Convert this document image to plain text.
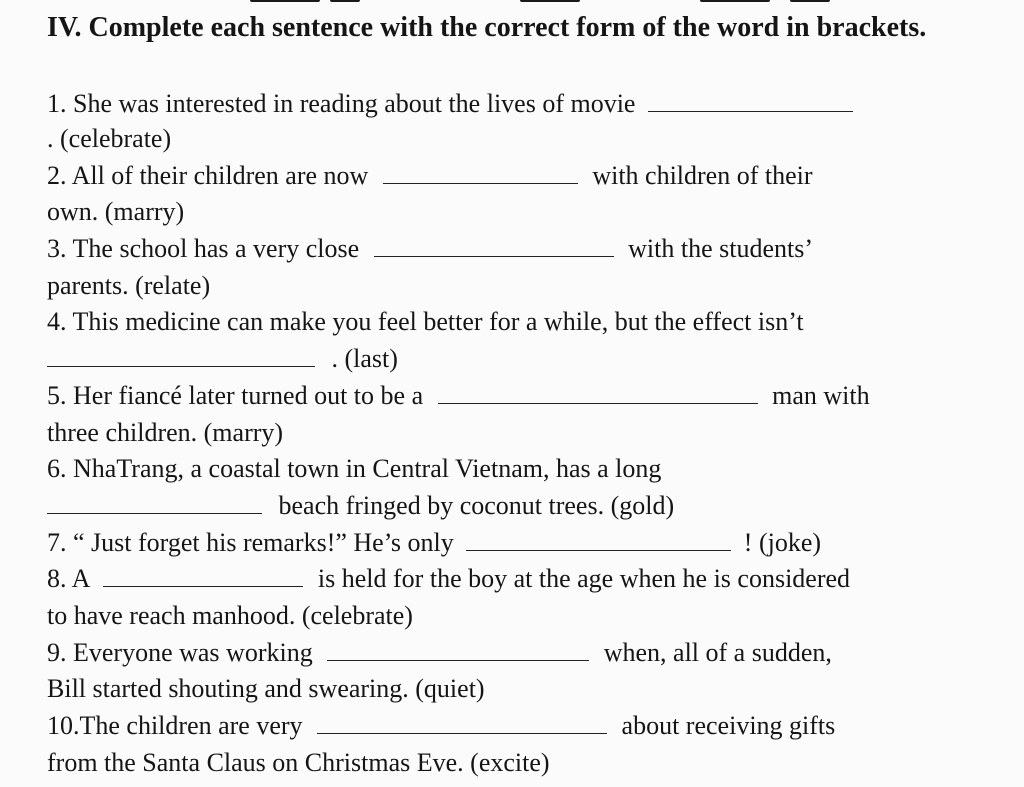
IV. Complete each sentence with the correct form of the word in brackets.
1. She was interested in reading about the lives of movie
. (celebrate)
2. All of their children are now	with children of their
own. (marry)
3. The school has a very close	with the students’
parents. (relate)
4. This medicine can make you feel better for a while, but the effect isn’t
. (last)
5. Her fiancé later turned out to be a	man with
three children. (marry)
6. NhaTrang, a coastal town in Central Vietnam, has a long
beach fringed by coconut trees. (gold)
7. “ Just forget his remarks!” He’s only	! (joke)
8. A	is held for the boy at the age when he is considered
to have reach manhood. (celebrate)
9. Everyone was working	when, all of a sudden,
Bill started shouting and swearing. (quiet)
10.The children are very	about receiving gifts
from the Santa Claus on Christmas Eve. (excite)
